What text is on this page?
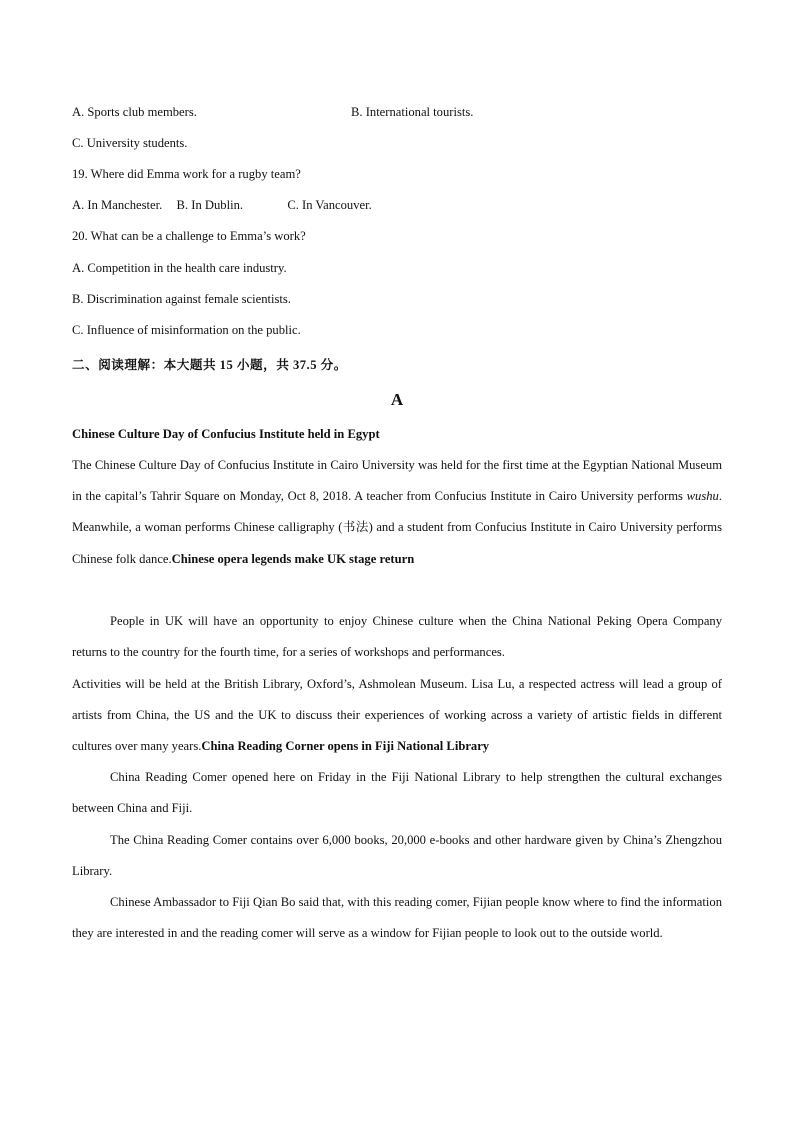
A. Sports club members.	B. International tourists.
C. University students.
19. Where did Emma work for a rugby team?
A. In Manchester. B. In Dublin.	C. In Vancouver.
20. What can be a challenge to Emma’s work?
A. Competition in the health care industry.
B. Discrimination against female scientists.
C. Influence of misinformation on the public.
二、阅读理解：本大题共 15 小题，共 37.5 分。
A
Chinese Culture Day of Confucius Institute held in Egypt
The Chinese Culture Day of Confucius Institute in Cairo University was held for the first time at the Egyptian National Museum in the capital’s Tahrir Square on Monday, Oct 8, 2018. A teacher from Confucius Institute in Cairo University performs wushu. Meanwhile, a woman performs Chinese calligraphy (书法) and a student from Confucius Institute in Cairo University performs Chinese folk dance.Chinese opera legends make UK stage return
People in UK will have an opportunity to enjoy Chinese culture when the China National Peking Opera Company returns to the country for the fourth time, for a series of workshops and performances.
Activities will be held at the British Library, Oxford’s, Ashmolean Museum. Lisa Lu, a respected actress will lead a group of artists from China, the US and the UK to discuss their experiences of working across a variety of artistic fields in different cultures over many years.China Reading Corner opens in Fiji National Library
China Reading Comer opened here on Friday in the Fiji National Library to help strengthen the cultural exchanges between China and Fiji.
The China Reading Comer contains over 6,000 books, 20,000 e-books and other hardware given by China’s Zhengzhou Library.
Chinese Ambassador to Fiji Qian Bo said that, with this reading comer, Fijian people know where to find the information they are interested in and the reading comer will serve as a window for Fijian people to look out to the outside world.
